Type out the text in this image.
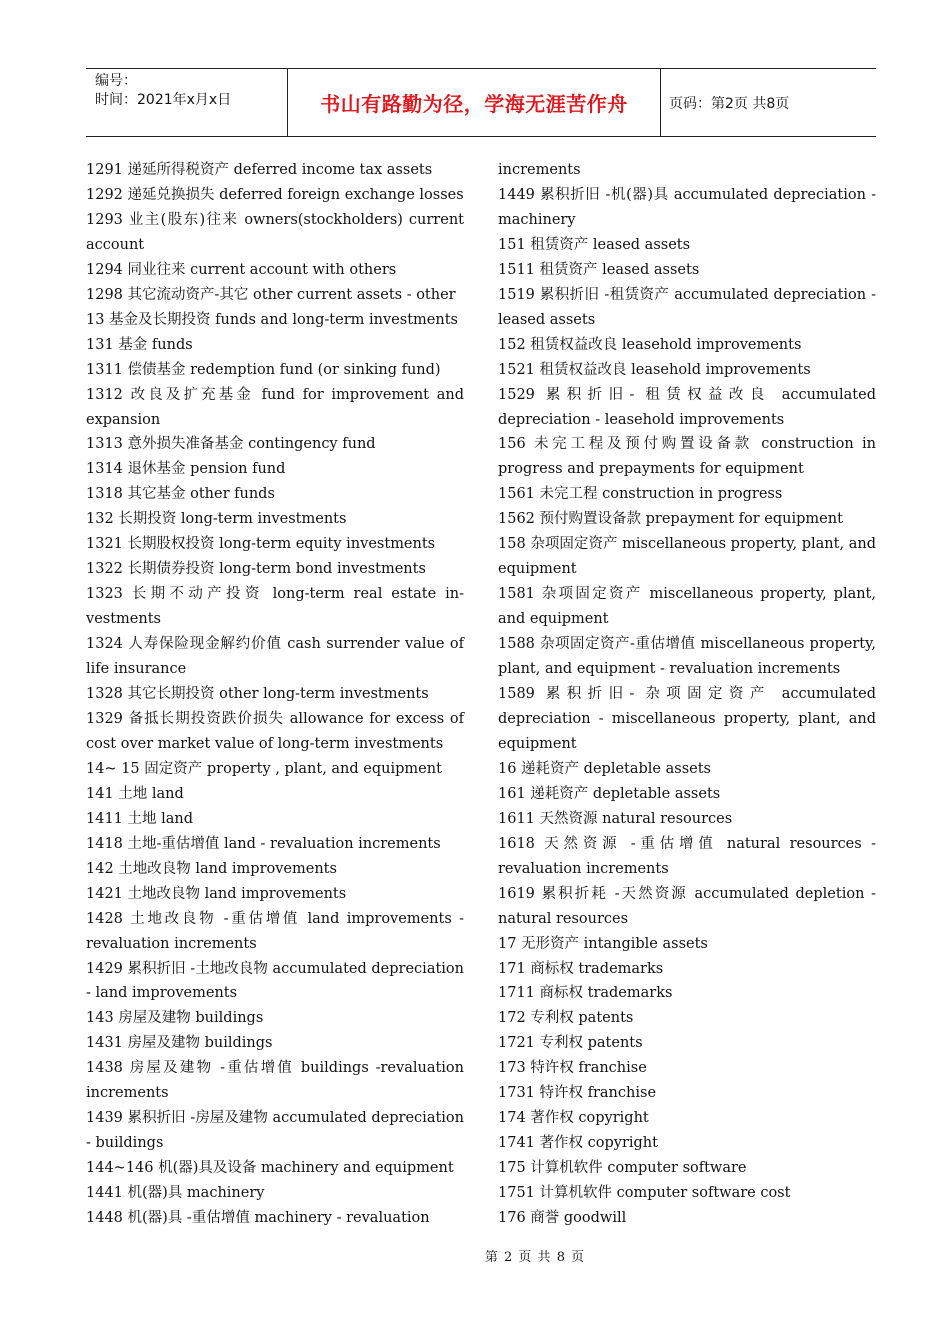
编号：
时间：2021年x月x日	书山有路勤为径，学海无涯苦作舟	页码：第2页 共8页
1291 递延所得税资产 deferred income tax assets
1292 递延兑换损失 deferred foreign exchange losses
1293 业主(股东)往来 owners(stockholders) current account
1294 同业往来 current account with others
1298 其它流动资产-其它 other current assets - other
13 基金及长期投资 funds and long-term investments
131 基金 funds
1311 偿债基金 redemption fund (or sinking fund)
1312 改良及扩充基金 fund for improvement and expansion
1313 意外损失准备基金 contingency fund
1314 退休基金 pension fund
1318 其它基金 other funds
132 长期投资 long-term investments
1321 长期股权投资 long-term equity investments
1322 长期债券投资 long-term bond investments
1323 长期不动产投资 long-term real estate in-vestments
1324 人寿保险现金解约价值 cash surrender value of life insurance
1328 其它长期投资 other long-term investments
1329 备抵长期投资跌价损失 allowance for excess of cost over market value of long-term investments
14~ 15 固定资产 property , plant, and equipment
141 土地 land
1411 土地 land
1418 土地-重估增值 land - revaluation increments
142 土地改良物 land improvements
1421 土地改良物 land improvements
1428 土地改良物 -重估增值 land improvements - revaluation increments
1429 累积折旧 -土地改良物 accumulated depreciation - land improvements
143 房屋及建物 buildings
1431 房屋及建物 buildings
1438 房屋及建物 -重估增值 buildings -revaluation increments
1439 累积折旧 -房屋及建物 accumulated depreciation - buildings
144~146 机(器)具及设备 machinery and equipment
1441 机(器)具 machinery
1448 机(器)具 -重估增值 machinery - revaluation
increments
1449 累积折旧 -机(器)具 accumulated depreciation - machinery
151 租赁资产 leased assets
1511 租赁资产 leased assets
1519 累积折旧 -租赁资产 accumulated depreciation - leased assets
152 租赁权益改良 leasehold improvements
1521 租赁权益改良 leasehold improvements
1529 累积折旧- 租赁权益改良 accumulated depreciation - leasehold improvements
156 未完工程及预付购置设备款 construction in progress and prepayments for equipment
1561 未完工程 construction in progress
1562 预付购置设备款 prepayment for equipment
158 杂项固定资产 miscellaneous property, plant, and equipment
1581 杂项固定资产 miscellaneous property, plant, and equipment
1588 杂项固定资产-重估增值 miscellaneous property, plant, and equipment - revaluation increments
1589 累积折旧- 杂项固定资产 accumulated depreciation - miscellaneous property, plant, and equipment
16 递耗资产 depletable assets
161 递耗资产 depletable assets
1611 天然资源 natural resources
1618 天然资源 -重估增值 natural resources - revaluation increments
1619 累积折耗 -天然资源 accumulated depletion - natural resources
17 无形资产 intangible assets
171 商标权 trademarks
1711 商标权 trademarks
172 专利权 patents
1721 专利权 patents
173 特许权 franchise
1731 特许权 franchise
174 著作权 copyright
1741 著作权 copyright
175 计算机软件 computer software
1751 计算机软件 computer software cost
176 商誉 goodwill
第 2 页 共 8 页
